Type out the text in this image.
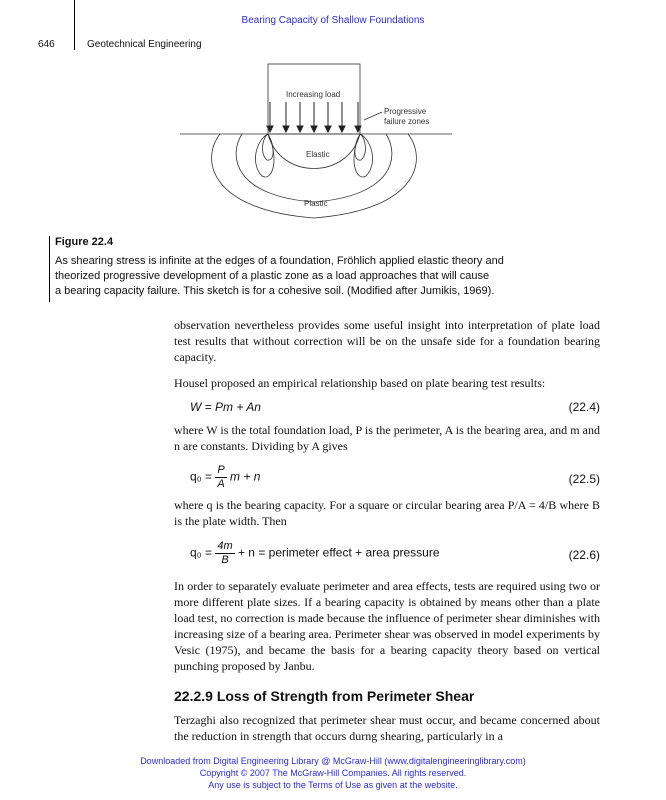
Bearing Capacity of Shallow Foundations
646	Geotechnical Engineering
Increasing load
Progressive
failure zones
Elastic
Plastic
Figure 22.4
As shearing stress is infinite at the edges of a foundation, Fröhlich applied elastic theory and
theorized progressive development of a plastic zone as a load approaches that will cause
a bearing capacity failure. This sketch is for a cohesive soil. (Modified after Jumikis, 1969).
observation nevertheless provides some useful insight into interpretation of plate load test results that without correction will be on the unsafe side for a foundation bearing capacity.
Housel proposed an empirical relationship based on plate bearing test results:
W = Pm + An	(22.4)
where W is the total foundation load, P is the perimeter, A is the bearing area, and m and n are constants. Dividing by A gives
$q_0 = \frac{P}{A}$ m + n	(22.5)
where q is the bearing capacity. For a square or circular bearing area P/A = 4/B where B is the plate width. Then
$q_0 = \frac{4m}{B} + n$ = perimeter effect + area pressure	(22.6)
In order to separately evaluate perimeter and area effects, tests are required using two or more different plate sizes. If a bearing capacity is obtained by means other than a plate load test, no correction is made because the influence of perimeter shear diminishes with increasing size of a bearing area. Perimeter shear was observed in model experiments by Vesic (1975), and became the basis for a bearing capacity theory based on vertical punching proposed by Janbu.
22.2.9 Loss of Strength from Perimeter Shear
Terzaghi also recognized that perimeter shear must occur, and became concerned about the reduction in strength that occurs durng shearing, particularly in a
Downloaded from Digital Engineering Library @ McGraw-Hill (www.digitalengineeringlibrary.com)
Copyright © 2007 The McGraw-Hill Companies. All rights reserved.
Any use is subject to the Terms of Use as given at the website.
